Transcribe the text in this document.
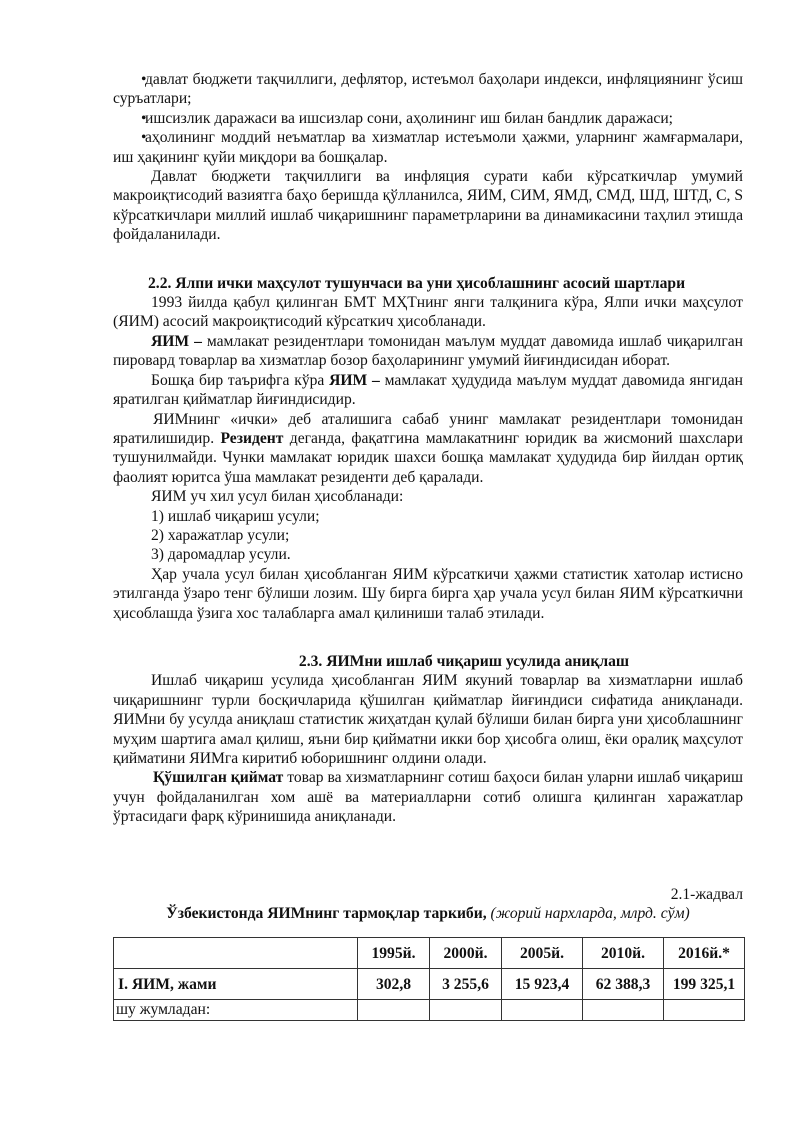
•
давлат бюджети тақчиллиги, дефлятор, истеъмол баҳолари индекси, инфляциянинг ўсиш суръатлари;

•
ишсизлик даражаси ва ишсизлар сони, аҳолининг иш билан бандлик даражаси;

•
аҳолининг моддий неъматлар ва хизматлар истеъмоли ҳажми, уларнинг жамғармалари, иш ҳақининг қуйи миқдори ва бошқалар.

Давлат бюджети тақчиллиги ва инфляция сурати каби кўрсаткичлар умумий макроиқтисодий вазиятга баҳо беришда қўлланилса, ЯИМ, СИМ, ЯМД, СМД, ШД, ШТД, С, S кўрсаткичлари миллий ишлаб чиқаришнинг параметрларини ва динамикасини таҳлил этишда фойдаланилади.

2.2. Ялпи ички маҳсулот тушунчаси ва уни ҳисоблашнинг асосий шартлари

1993 йилда қабул қилинган БМТ МҲТнинг янги талқинига кўра, Ялпи ички маҳсулот (ЯИМ) асосий макроиқтисодий кўрсаткич ҳисобланади.

ЯИМ – мамлакат резидентлари томонидан маълум муддат давомида ишлаб чиқарилган пировард товарлар ва хизматлар бозор баҳоларининг умумий йиғиндисидан иборат.

Бошқа бир таърифга кўра ЯИМ – мамлакат ҳудудида маълум муддат давомида янгидан яратилган қийматлар йиғиндисидир.

ЯИМнинг «ички» деб аталишига сабаб унинг мамлакат резидентлари томонидан яратилишидир. Резидент деганда, фақатгина мамлакатнинг юридик ва жисмоний шахслари тушунилмайди. Чунки мамлакат юридик шахси бошқа мамлакат ҳудудида бир йилдан ортиқ фаолият юритса ўша мамлакат резиденти деб қаралади.

ЯИМ уч хил усул билан ҳисобланади:

1) ишлаб чиқариш усули;

2) харажатлар усули;

3) даромадлар усули.

Ҳар учала усул билан ҳисобланган ЯИМ кўрсаткичи ҳажми статистик хатолар истисно этилганда ўзаро тенг бўлиши лозим. Шу бирга бирга ҳар учала усул билан ЯИМ кўрсаткични ҳисоблашда ўзига хос талабларга амал қилиниши талаб этилади.

2.3. ЯИМни ишлаб чиқариш усулида аниқлаш

Ишлаб чиқариш усулида ҳисобланган ЯИМ якуний товарлар ва хизматларни ишлаб чиқаришнинг турли босқичларида қўшилган қийматлар йиғиндиси сифатида аниқланади. ЯИМни бу усулда аниқлаш статистик жиҳатдан қулай бўлиши билан бирга уни ҳисоблашнинг муҳим шартига амал қилиш, яъни бир қийматни икки бор ҳисобга олиш, ёки оралиқ маҳсулот қийматини ЯИМга киритиб юборишнинг олдини олади.

Қўшилган қиймат товар ва хизматларнинг сотиш баҳоси билан уларни ишлаб чиқариш учун фойдаланилган хом ашё ва материалларни сотиб олишга қилинган харажатлар ўртасидаги фарқ кўринишида аниқланади.

2.1-жадвал

Ўзбекистонда ЯИМнинг тармоқлар таркиби, (жорий нархларда, млрд. сўм)

	1995й.	2000й.	2005й.	2010й.	2016й.*
I. ЯИМ, жами	302,8	3 255,6	15 923,4	62 388,3	199 325,1
шу жумладан:					
